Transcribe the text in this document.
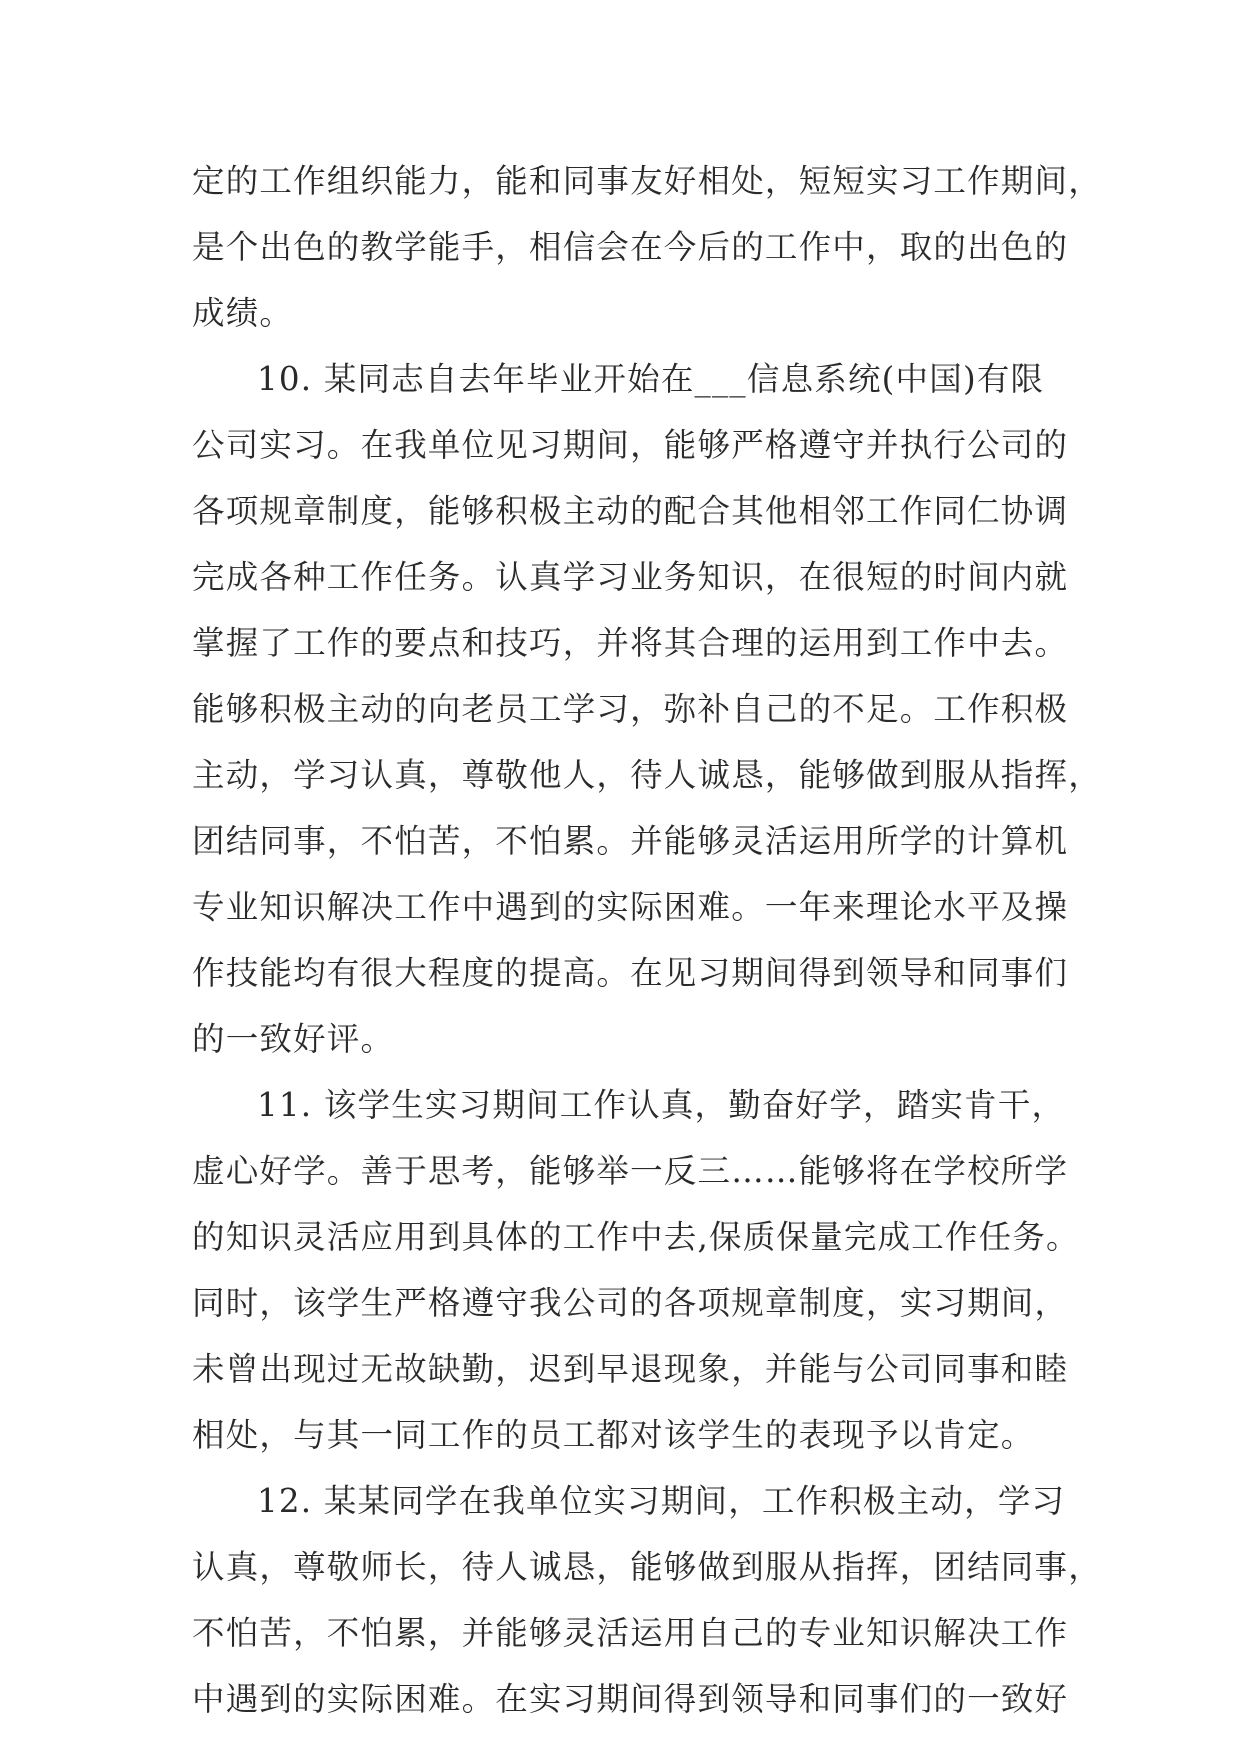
定的工作组织能力，能和同事友好相处，短短实习工作期间，
是个出色的教学能手，相信会在今后的工作中，取的出色的
成绩。
10. 某同志自去年毕业开始在___信息系统(中国)有限
公司实习。在我单位见习期间，能够严格遵守并执行公司的
各项规章制度，能够积极主动的配合其他相邻工作同仁协调
完成各种工作任务。认真学习业务知识，在很短的时间内就
掌握了工作的要点和技巧，并将其合理的运用到工作中去。
能够积极主动的向老员工学习，弥补自己的不足。工作积极
主动，学习认真，尊敬他人，待人诚恳，能够做到服从指挥，
团结同事，不怕苦，不怕累。并能够灵活运用所学的计算机
专业知识解决工作中遇到的实际困难。一年来理论水平及操
作技能均有很大程度的提高。在见习期间得到领导和同事们
的一致好评。
11. 该学生实习期间工作认真，勤奋好学，踏实肯干，
虚心好学。善于思考，能够举一反三……能够将在学校所学
的知识灵活应用到具体的工作中去,保质保量完成工作任务。
同时，该学生严格遵守我公司的各项规章制度，实习期间，
未曾出现过无故缺勤，迟到早退现象，并能与公司同事和睦
相处，与其一同工作的员工都对该学生的表现予以肯定。
12. 某某同学在我单位实习期间，工作积极主动，学习
认真，尊敬师长，待人诚恳，能够做到服从指挥，团结同事，
不怕苦，不怕累，并能够灵活运用自己的专业知识解决工作
中遇到的实际困难。在实习期间得到领导和同事们的一致好
